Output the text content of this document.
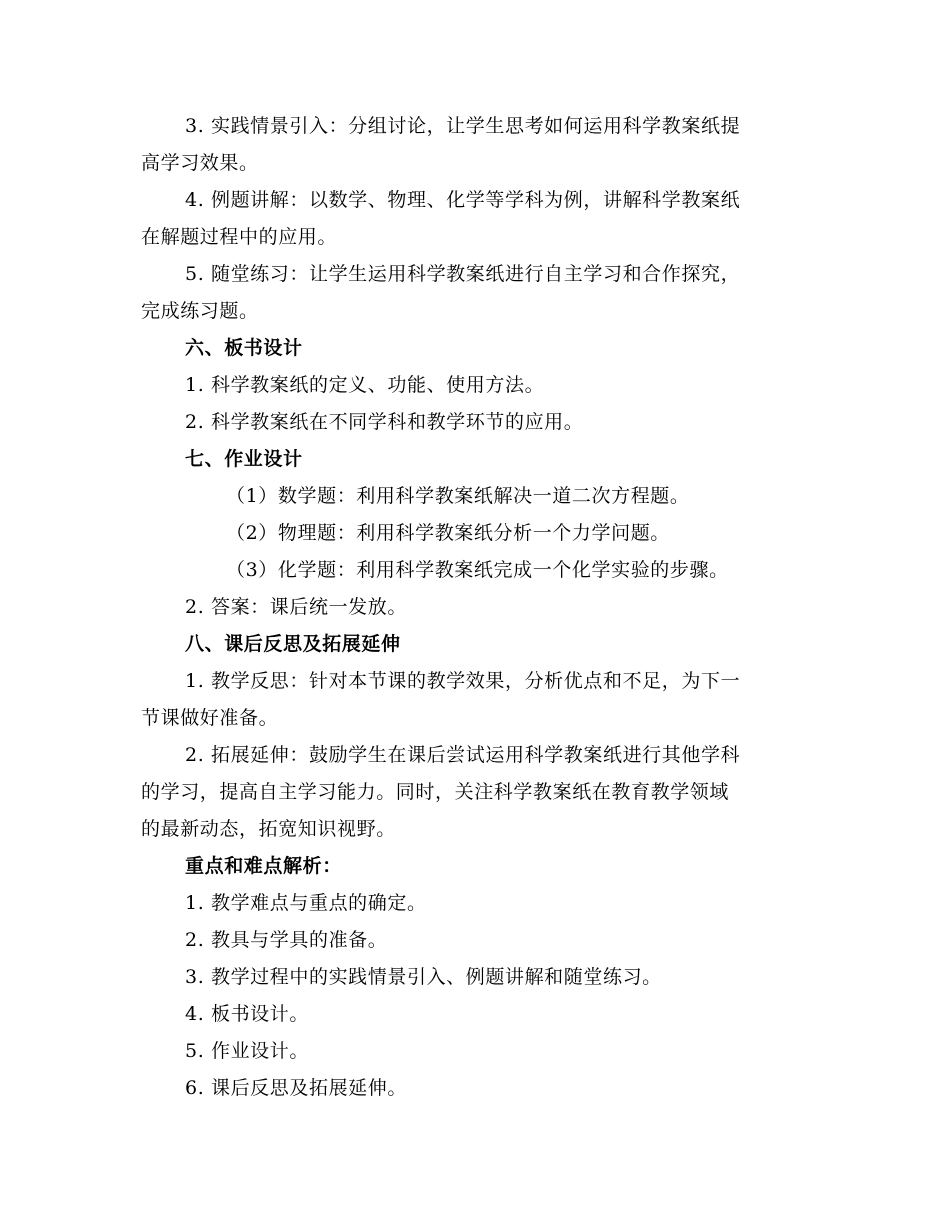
3. 实践情景引入：分组讨论，让学生思考如何运用科学教案纸提
高学习效果。
4. 例题讲解：以数学、物理、化学等学科为例，讲解科学教案纸
在解题过程中的应用。
5. 随堂练习：让学生运用科学教案纸进行自主学习和合作探究，
完成练习题。
六、板书设计
1. 科学教案纸的定义、功能、使用方法。
2. 科学教案纸在不同学科和教学环节的应用。
七、作业设计
（1）数学题：利用科学教案纸解决一道二次方程题。
（2）物理题：利用科学教案纸分析一个力学问题。
（3）化学题：利用科学教案纸完成一个化学实验的步骤。
2. 答案：课后统一发放。
八、课后反思及拓展延伸
1. 教学反思：针对本节课的教学效果，分析优点和不足，为下一
节课做好准备。
2. 拓展延伸：鼓励学生在课后尝试运用科学教案纸进行其他学科
的学习，提高自主学习能力。同时，关注科学教案纸在教育教学领域
的最新动态，拓宽知识视野。
重点和难点解析：
1. 教学难点与重点的确定。
2. 教具与学具的准备。
3. 教学过程中的实践情景引入、例题讲解和随堂练习。
4. 板书设计。
5. 作业设计。
6. 课后反思及拓展延伸。
